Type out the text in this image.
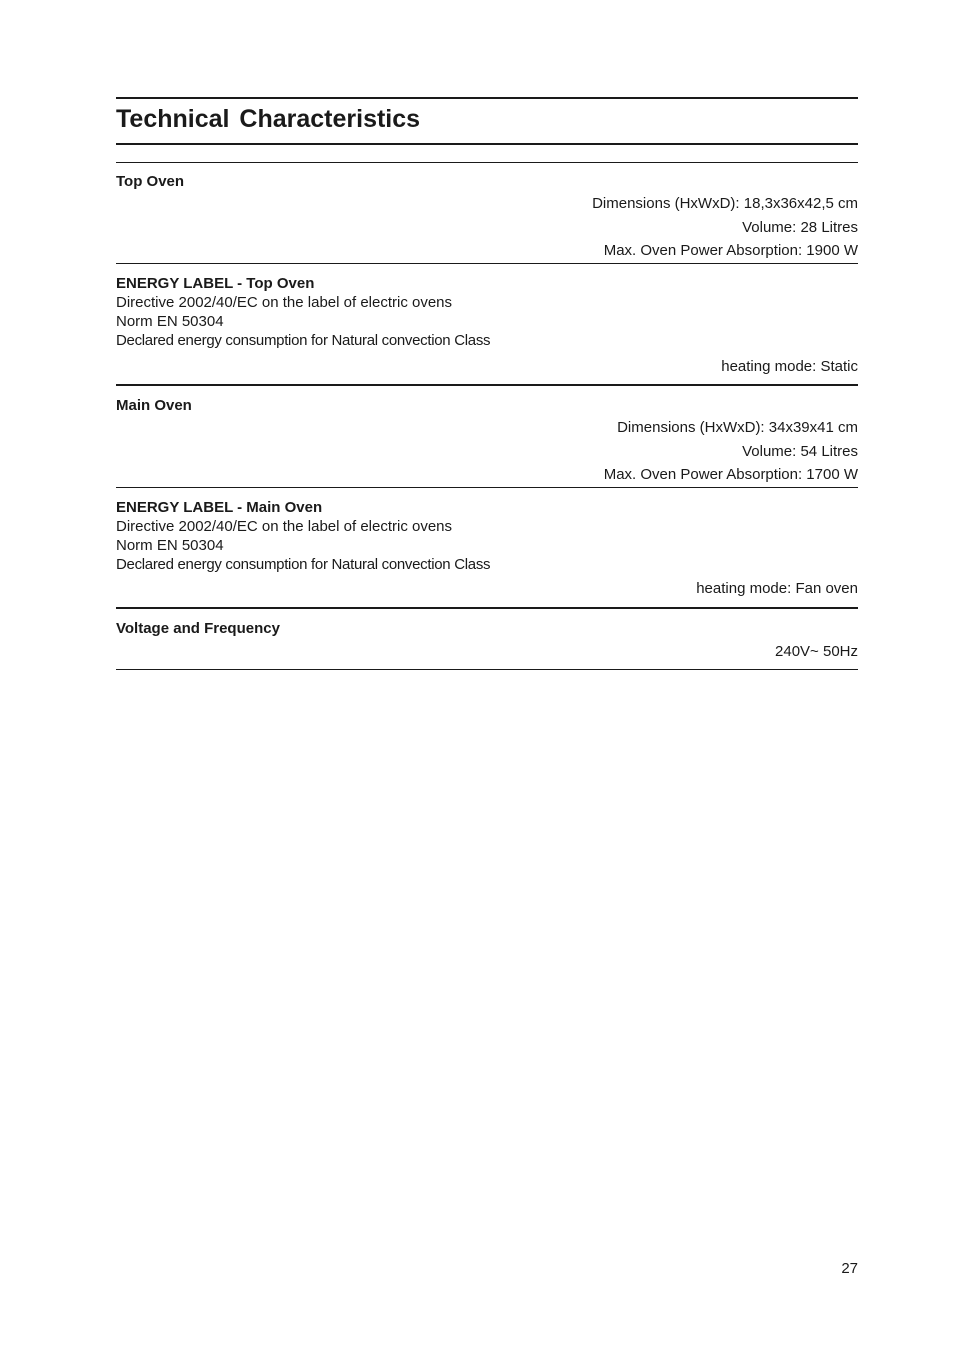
Technical Characteristics
Top Oven
Dimensions (HxWxD): 18,3x36x42,5 cm
Volume: 28 Litres
Max. Oven Power Absorption: 1900 W
ENERGY LABEL - Top Oven
Directive 2002/40/EC on the label of electric ovens
Norm EN 50304
Declared energy consumption for Natural convection Class
heating mode: Static
Main Oven
Dimensions (HxWxD): 34x39x41 cm
Volume: 54 Litres
Max. Oven Power Absorption: 1700 W
ENERGY LABEL - Main Oven
Directive 2002/40/EC on the label of electric ovens
Norm EN 50304
Declared energy consumption for Natural convection Class
heating mode: Fan oven
Voltage and Frequency
240V~ 50Hz
27
